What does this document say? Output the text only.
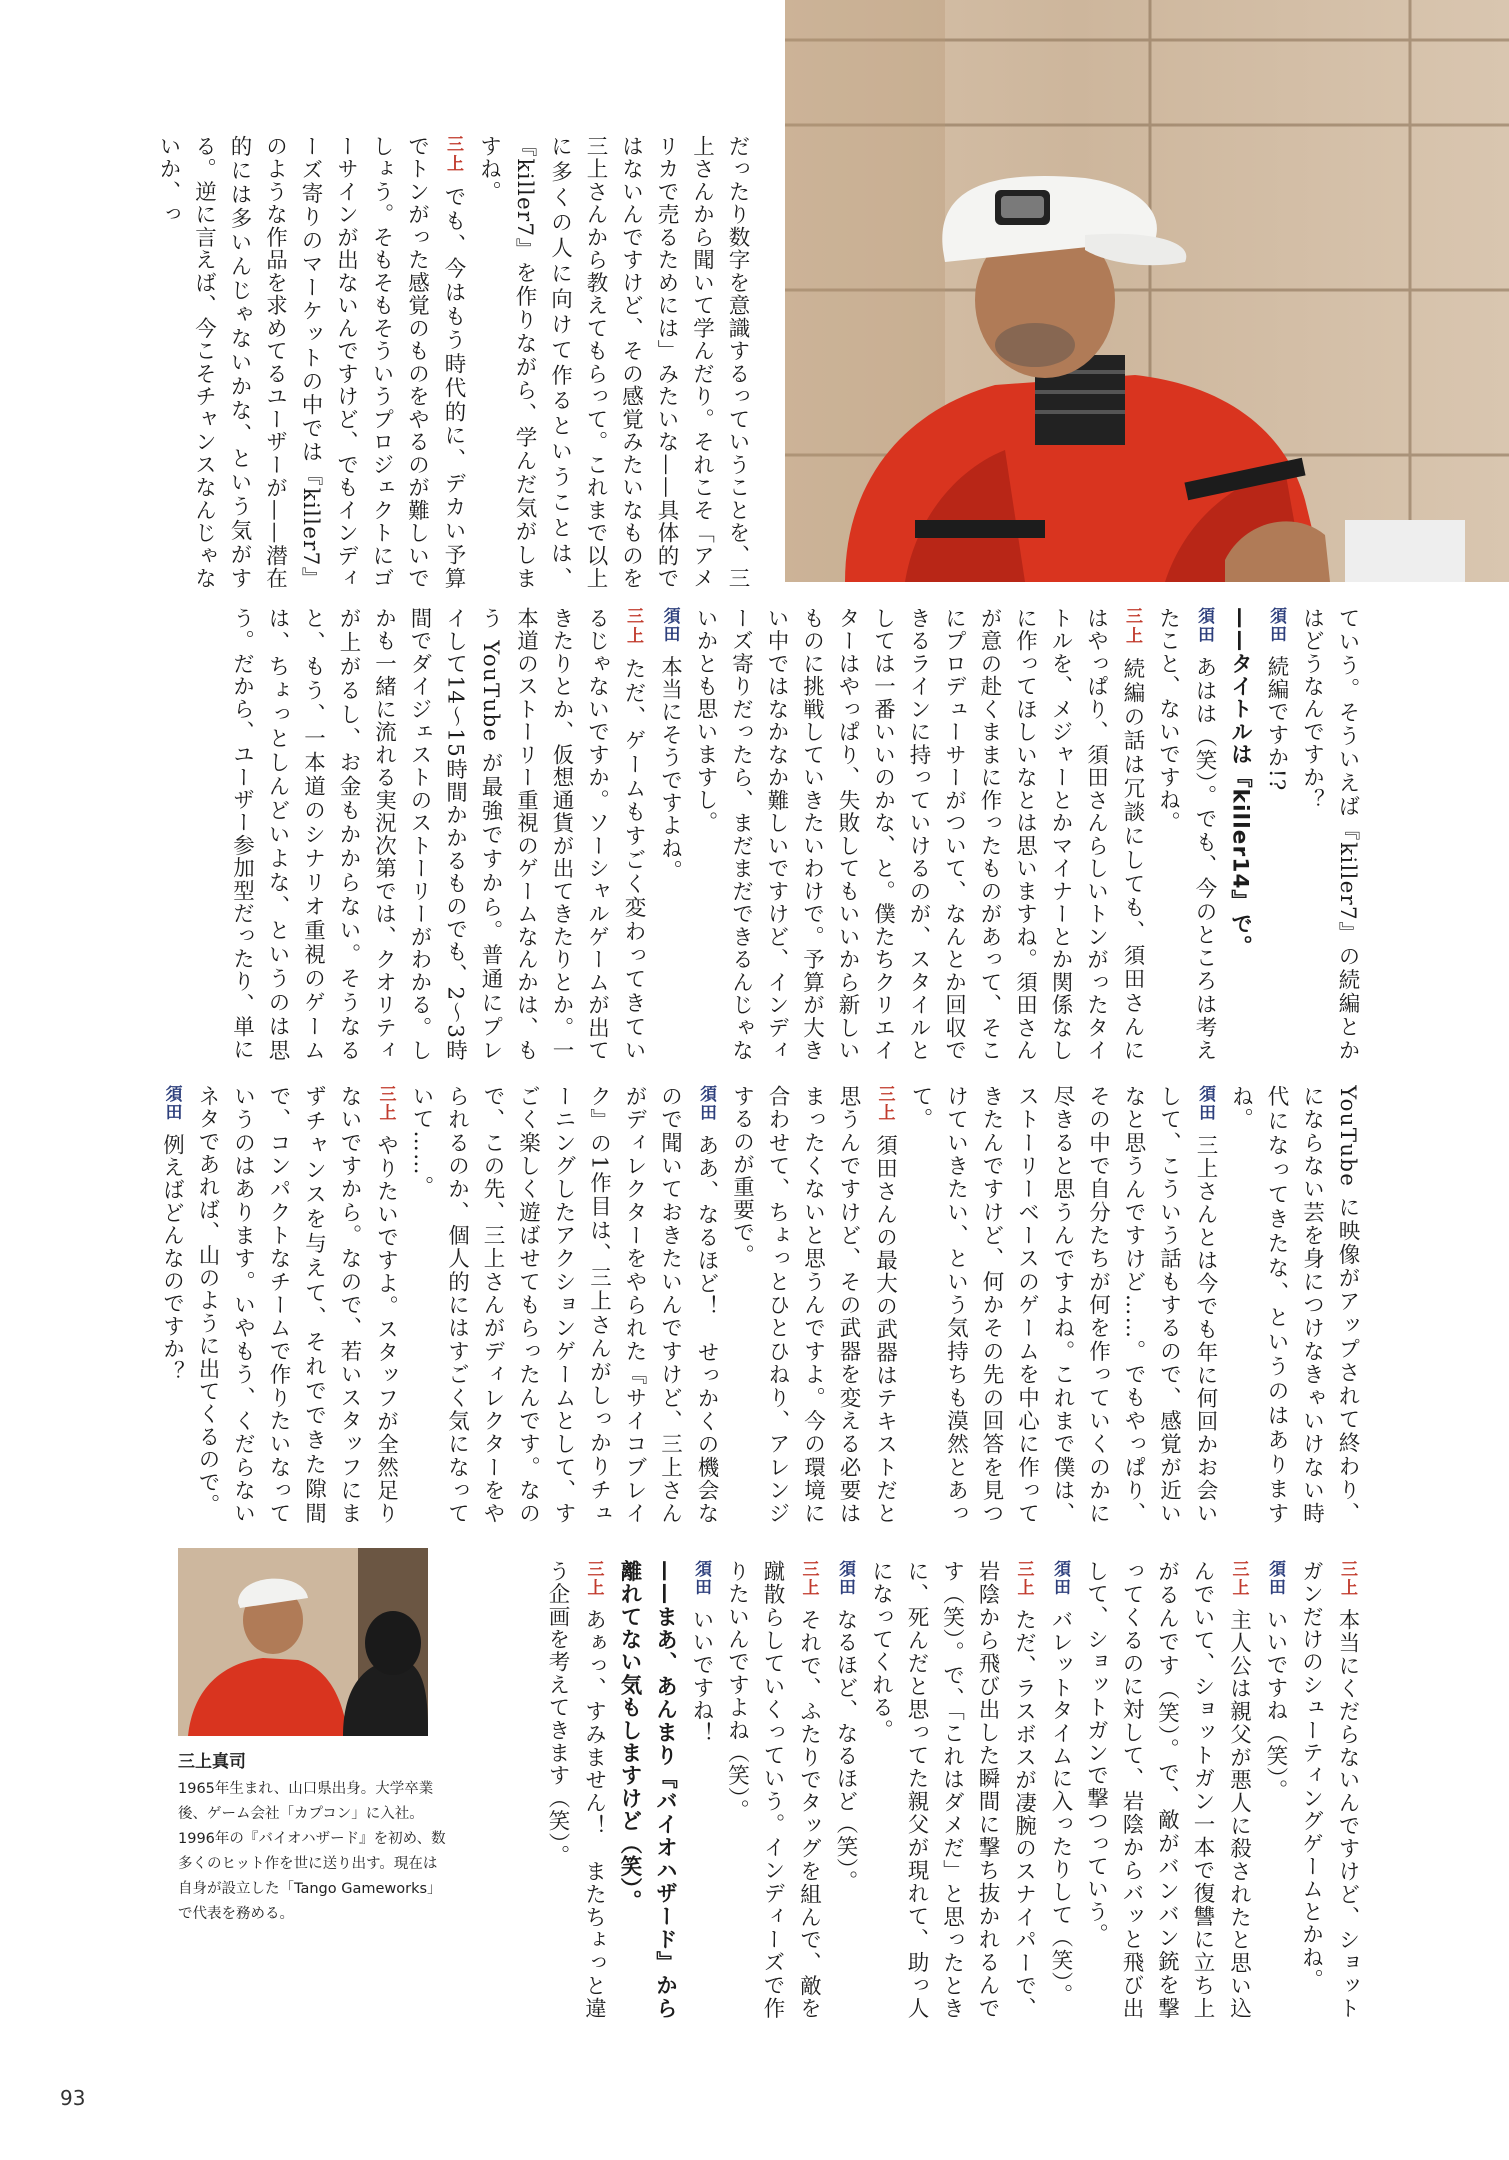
だったり数字を意識するっていうことを、三上さんから聞いて学んだり。それこそ「アメリカで売るためには」みたいな——具体的ではないんですけど、その感覚みたいなものを三上さんから教えてもらって。これまで以上に多くの人に向けて作るということは、『killer7』を作りながら、学んだ気がしますね。
三上でも、今はもう時代的に、デカい予算でトンがった感覚のものをやるのが難しいでしょう。そもそもそういうプロジェクトにゴーサインが出ないんですけど、でもインディーズ寄りのマーケットの中では『killer7』のような作品を求めてるユーザーが——潜在的には多いんじゃないかな、という気がする。逆に言えば、今こそチャンスなんじゃないか、っ
ていう。そういえば『killer7』の続編とかはどうなんですか？
須田続編ですか!?
——タイトルは『killer14』で。
須田あはは（笑）。でも、今のところは考えたこと、ないですね。
三上続編の話は冗談にしても、須田さんにはやっぱり、須田さんらしいトンがったタイトルを、メジャーとかマイナーとか関係なしに作ってほしいなとは思いますね。須田さんが意の赴くままに作ったものがあって、そこにプロデューサーがついて、なんとか回収できるラインに持っていけるのが、スタイルとしては一番いいのかな、と。僕たちクリエイターはやっぱり、失敗してもいいから新しいものに挑戦していきたいわけで。予算が大きい中ではなかなか難しいですけど、インディーズ寄りだったら、まだまだできるんじゃないかとも思いますし。
須田本当にそうですよね。
三上ただ、ゲームもすごく変わってきているじゃないですか。ソーシャルゲームが出てきたりとか、仮想通貨が出てきたりとか。一本道のストーリー重視のゲームなんかは、もう YouTube が最強ですから。普通にプレイして14～15時間かかるものでも、2～3時間でダイジェストのストーリーがわかる。しかも一緒に流れる実況次第では、クオリティが上がるし、お金もかからない。そうなると、もう、一本道のシナリオ重視のゲームは、ちょっとしんどいよな、というのは思う。だから、ユーザー参加型だったり、単に
YouTube に映像がアップされて終わり、にならない芸を身につけなきゃいけない時代になってきたな、というのはありますね。
須田三上さんとは今でも年に何回かお会いして、こういう話もするので、感覚が近いなと思うんですけど……。でもやっぱり、その中で自分たちが何を作っていくのかに尽きると思うんですよね。これまで僕は、ストーリーベースのゲームを中心に作ってきたんですけど、何かその先の回答を見つけていきたい、という気持ちも漠然とあって。
三上須田さんの最大の武器はテキストだと思うんですけど、その武器を変える必要はまったくないと思うんですよ。今の環境に合わせて、ちょっとひとひねり、アレンジするのが重要で。
須田ああ、なるほど！　せっかくの機会なので聞いておきたいんですけど、三上さんがディレクターをやられた『サイコブレイク』の1作目は、三上さんがしっかりチューニングしたアクションゲームとして、すごく楽しく遊ばせてもらったんです。なので、この先、三上さんがディレクターをやられるのか、個人的にはすごく気になっていて……。
三上やりたいですよ。スタッフが全然足りないですから。なので、若いスタッフにまずチャンスを与えて、それでできた隙間で、コンパクトなチームで作りたいなっていうのはあります。いやもう、くだらないネタであれば、山のように出てくるので。
須田例えばどんなのですか？
三上本当にくだらないんですけど、ショットガンだけのシューティングゲームとかね。
須田いいですね（笑）。
三上主人公は親父が悪人に殺されたと思い込んでいて、ショットガン一本で復讐に立ち上がるんです（笑）。で、敵がバンバン銃を撃ってくるのに対して、岩陰からバッと飛び出して、ショットガンで撃つっていう。
須田バレットタイムに入ったりして（笑）。
三上ただ、ラスボスが凄腕のスナイパーで、岩陰から飛び出した瞬間に撃ち抜かれるんです（笑）。で、「これはダメだ」と思ったときに、死んだと思ってた親父が現れて、助っ人になってくれる。
須田なるほど、なるほど（笑）。
三上それで、ふたりでタッグを組んで、敵を蹴散らしていくっていう。インディーズで作りたいんですよね（笑）。
須田いいですね！
——まあ、あんまり『バイオハザード』から離れてない気もしますけど（笑）。
三上あぁっ、すみません！　またちょっと違う企画を考えてきます（笑）。
三上真司
1965年生まれ、山口県出身。大学卒業後、ゲーム会社「カプコン」に入社。1996年の『バイオハザード』を初め、数多くのヒット作を世に送り出す。現在は自身が設立した「Tango Gameworks」で代表を務める。
93
